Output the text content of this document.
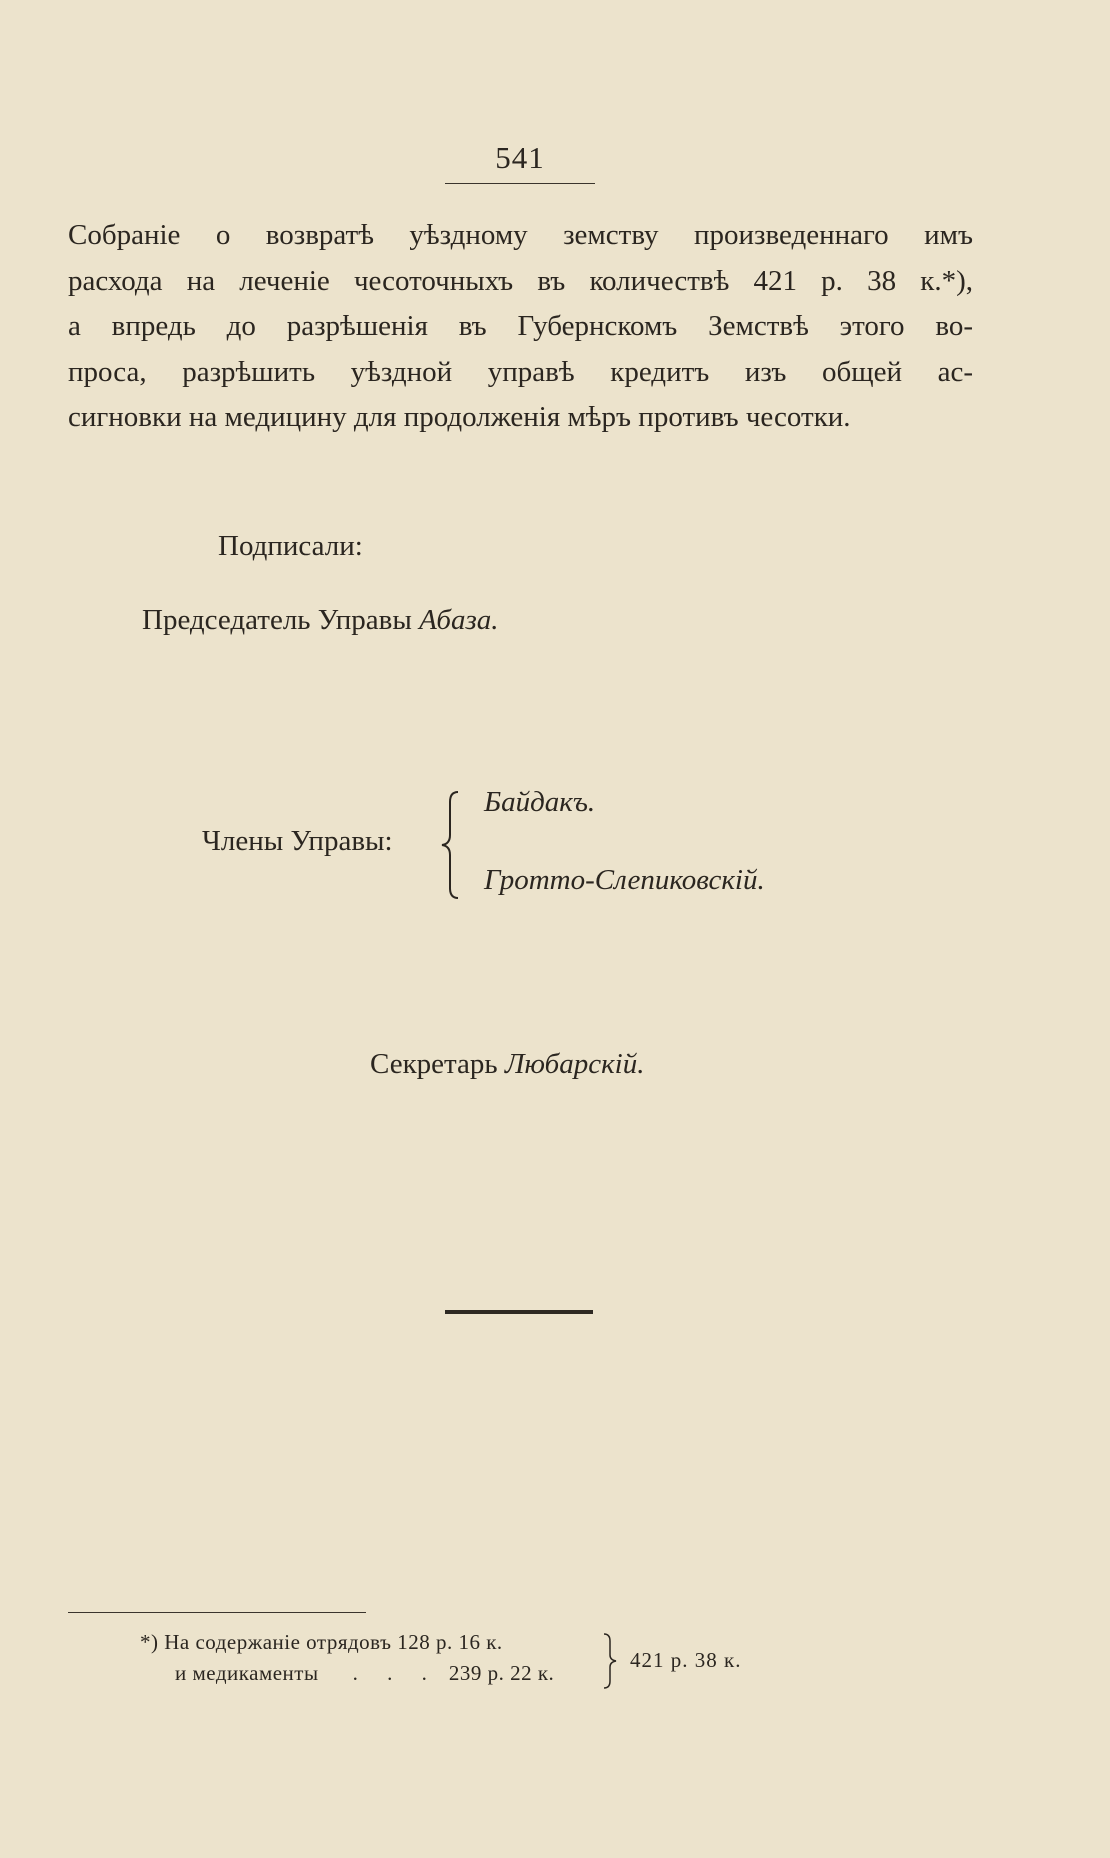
541
Собраніе о возвратѣ уѣздному земству произведеннаго имъ
расхода на леченіе чесоточныхъ въ количествѣ 421 р. 38 к.*),
а впредь до разрѣшенія въ Губернскомъ Земствѣ этого во-
проса, разрѣшить уѣздной управѣ кредитъ изъ общей ас-
сигновки на медицину для продолженія мѣръ противъ чесотки.
Подписали:
Председатель Управы Абаза.
Члены Управы:
Байдакъ.
Гротто-Слепиковскій.
Секретарь Любарскій.
*) На содержаніе отрядовъ 128 р. 16 к.
и медикаменты . . . 239 р. 22 к.
421 р. 38 к.
